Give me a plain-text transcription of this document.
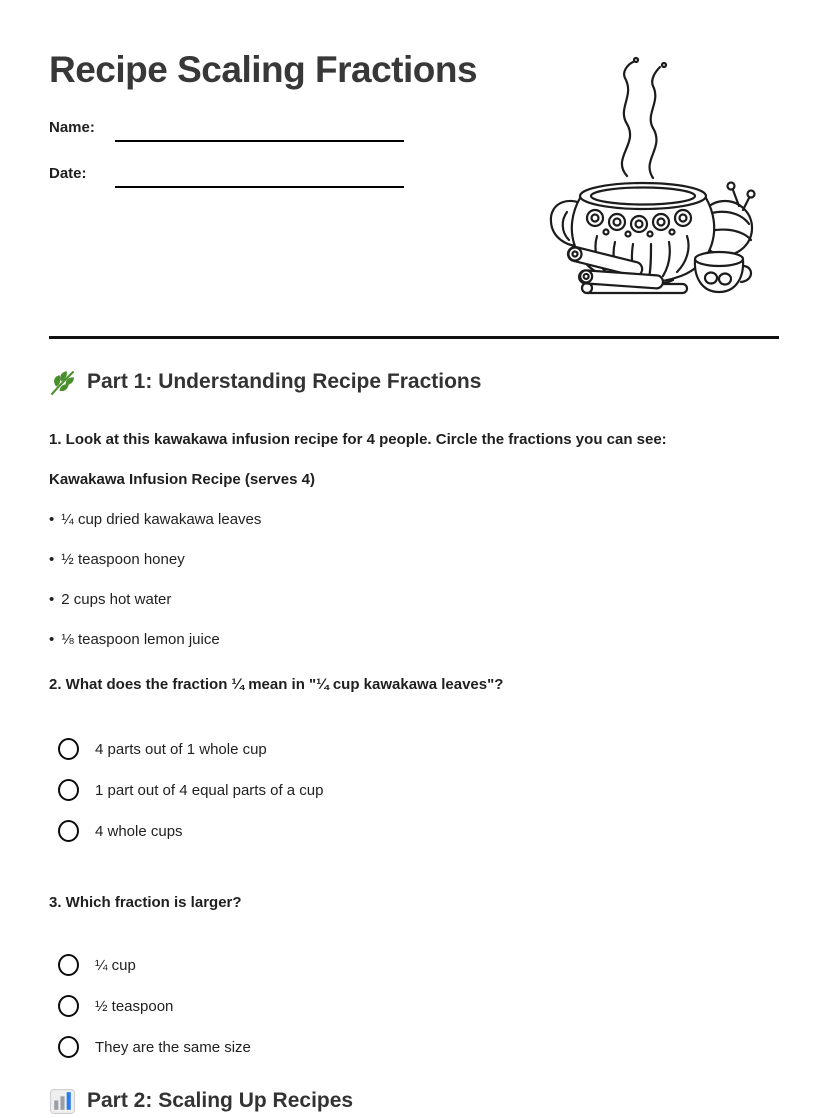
Recipe Scaling Fractions
Name:
Date:
Part 1: Understanding Recipe Fractions

1. Look at this kawakawa infusion recipe for 4 people. Circle the fractions you can see:

Kawakawa Infusion Recipe (serves 4)

• ¼ cup dried kawakawa leaves

• ½ teaspoon honey

• 2 cups hot water

• ⅛ teaspoon lemon juice

2. What does the fraction ¼ mean in "¼ cup kawakawa leaves"?

4 parts out of 1 whole cup
1 part out of 4 equal parts of a cup
4 whole cups

3. Which fraction is larger?

¼ cup
½ teaspoon
They are the same size
Part 2: Scaling Up Recipes
